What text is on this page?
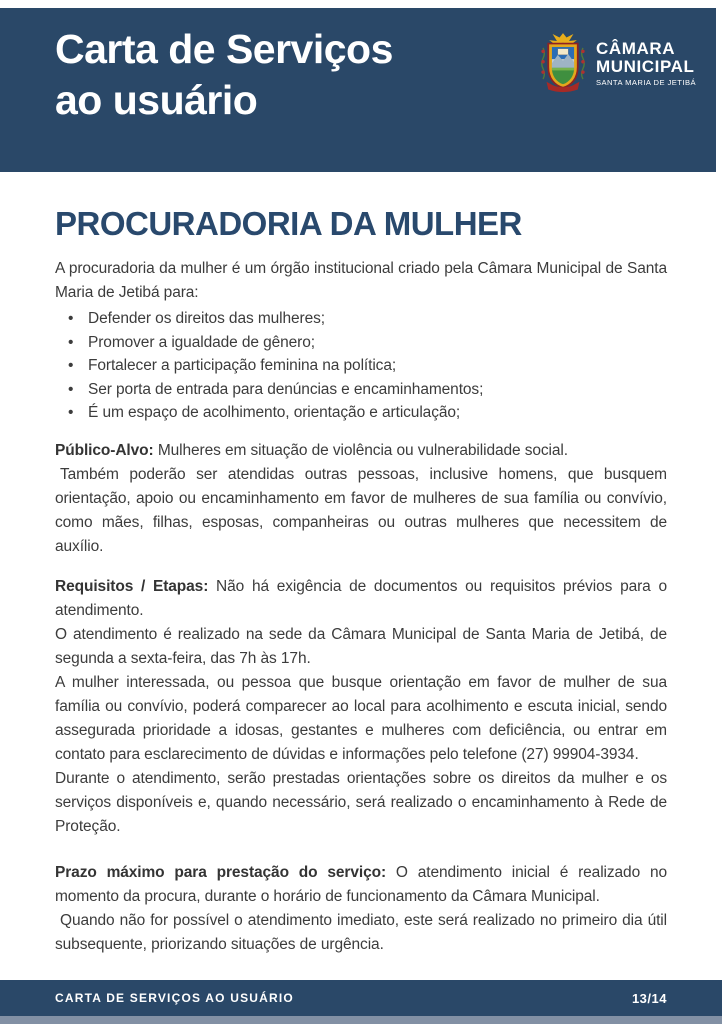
Carta de Serviços
ao usuário
CÂMARA
MUNICIPAL
SANTA MARIA DE JETIBÁ
PROCURADORIA DA MULHER

A procuradoria da mulher é um órgão institucional criado pela Câmara Municipal de Santa Maria de Jetibá para:

• Defender os direitos das mulheres;
• Promover a igualdade de gênero;
• Fortalecer a participação feminina na política;
• Ser porta de entrada para denúncias e encaminhamentos;
• É um espaço de acolhimento, orientação e articulação;

Público-Alvo: Mulheres em situação de violência ou vulnerabilidade social.

Também poderão ser atendidas outras pessoas, inclusive homens, que busquem orientação, apoio ou encaminhamento em favor de mulheres de sua família ou convívio, como mães, filhas, esposas, companheiras ou outras mulheres que necessitem de auxílio.

Requisitos / Etapas: Não há exigência de documentos ou requisitos prévios para o atendimento.

O atendimento é realizado na sede da Câmara Municipal de Santa Maria de Jetibá, de segunda a sexta-feira, das 7h às 17h.

A mulher interessada, ou pessoa que busque orientação em favor de mulher de sua família ou convívio, poderá comparecer ao local para acolhimento e escuta inicial, sendo assegurada prioridade a idosas, gestantes e mulheres com deficiência, ou entrar em contato para esclarecimento de dúvidas e informações pelo telefone (27) 99904-3934.

Durante o atendimento, serão prestadas orientações sobre os direitos da mulher e os serviços disponíveis e, quando necessário, será realizado o encaminhamento à Rede de Proteção.

Prazo máximo para prestação do serviço: O atendimento inicial é realizado no momento da procura, durante o horário de funcionamento da Câmara Municipal.

Quando não for possível o atendimento imediato, este será realizado no primeiro dia útil subsequente, priorizando situações de urgência.

CARTA DE SERVIÇOS AO USUÁRIO	13/14
